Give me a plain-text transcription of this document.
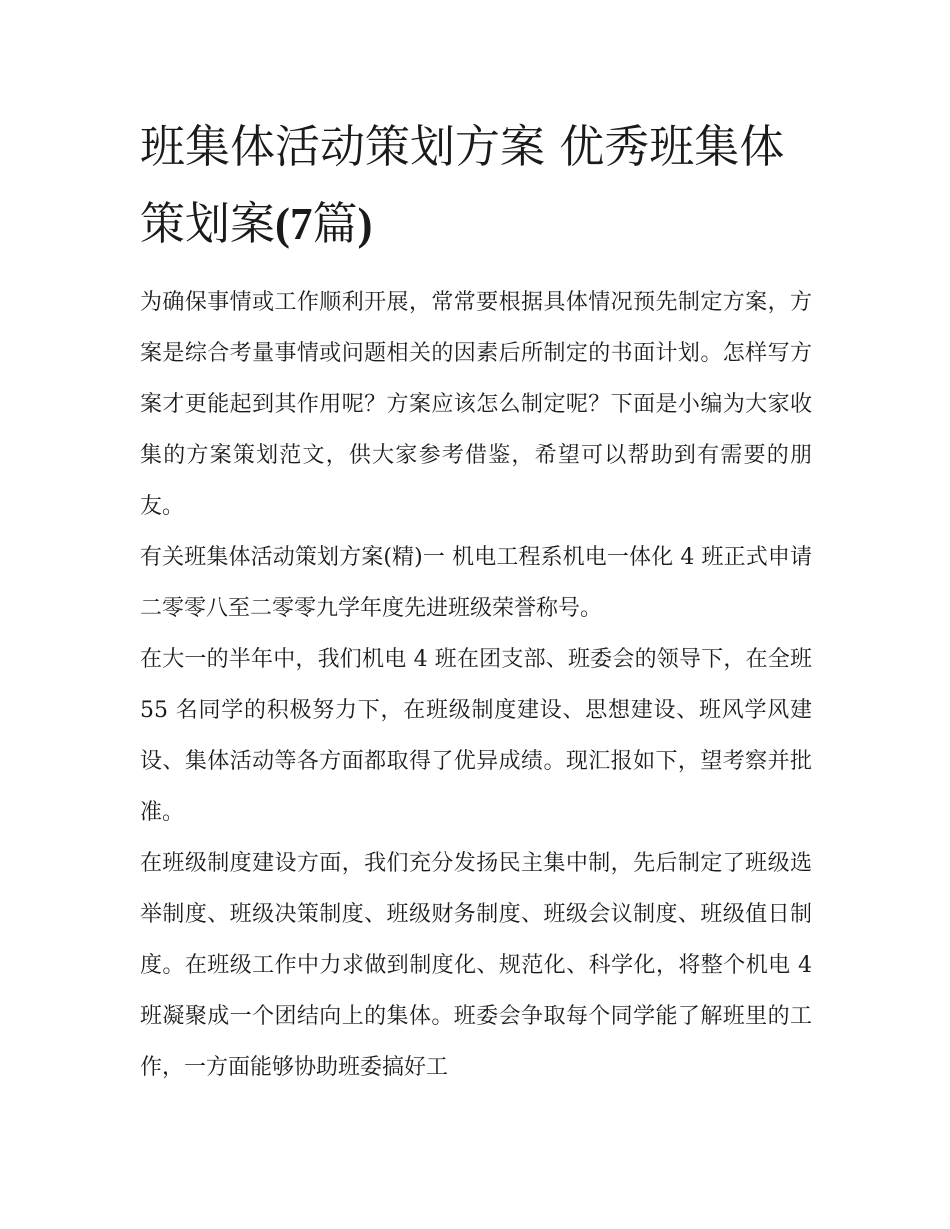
班集体活动策划方案 优秀班集体策划案(7篇)

为确保事情或工作顺利开展，常常要根据具体情况预先制定方案，方案是综合考量事情或问题相关的因素后所制定的书面计划。怎样写方案才更能起到其作用呢？方案应该怎么制定呢？下面是小编为大家收集的方案策划范文，供大家参考借鉴，希望可以帮助到有需要的朋友。

有关班集体活动策划方案(精)一 机电工程系机电一体化 4 班正式申请二零零八至二零零九学年度先进班级荣誉称号。

在大一的半年中，我们机电 4 班在团支部、班委会的领导下，在全班 55 名同学的积极努力下，在班级制度建设、思想建设、班风学风建设、集体活动等各方面都取得了优异成绩。现汇报如下，望考察并批准。

在班级制度建设方面，我们充分发扬民主集中制，先后制定了班级选举制度、班级决策制度、班级财务制度、班级会议制度、班级值日制度。在班级工作中力求做到制度化、规范化、科学化，将整个机电 4 班凝聚成一个团结向上的集体。班委会争取每个同学能了解班里的工作，一方面能够协助班委搞好工
